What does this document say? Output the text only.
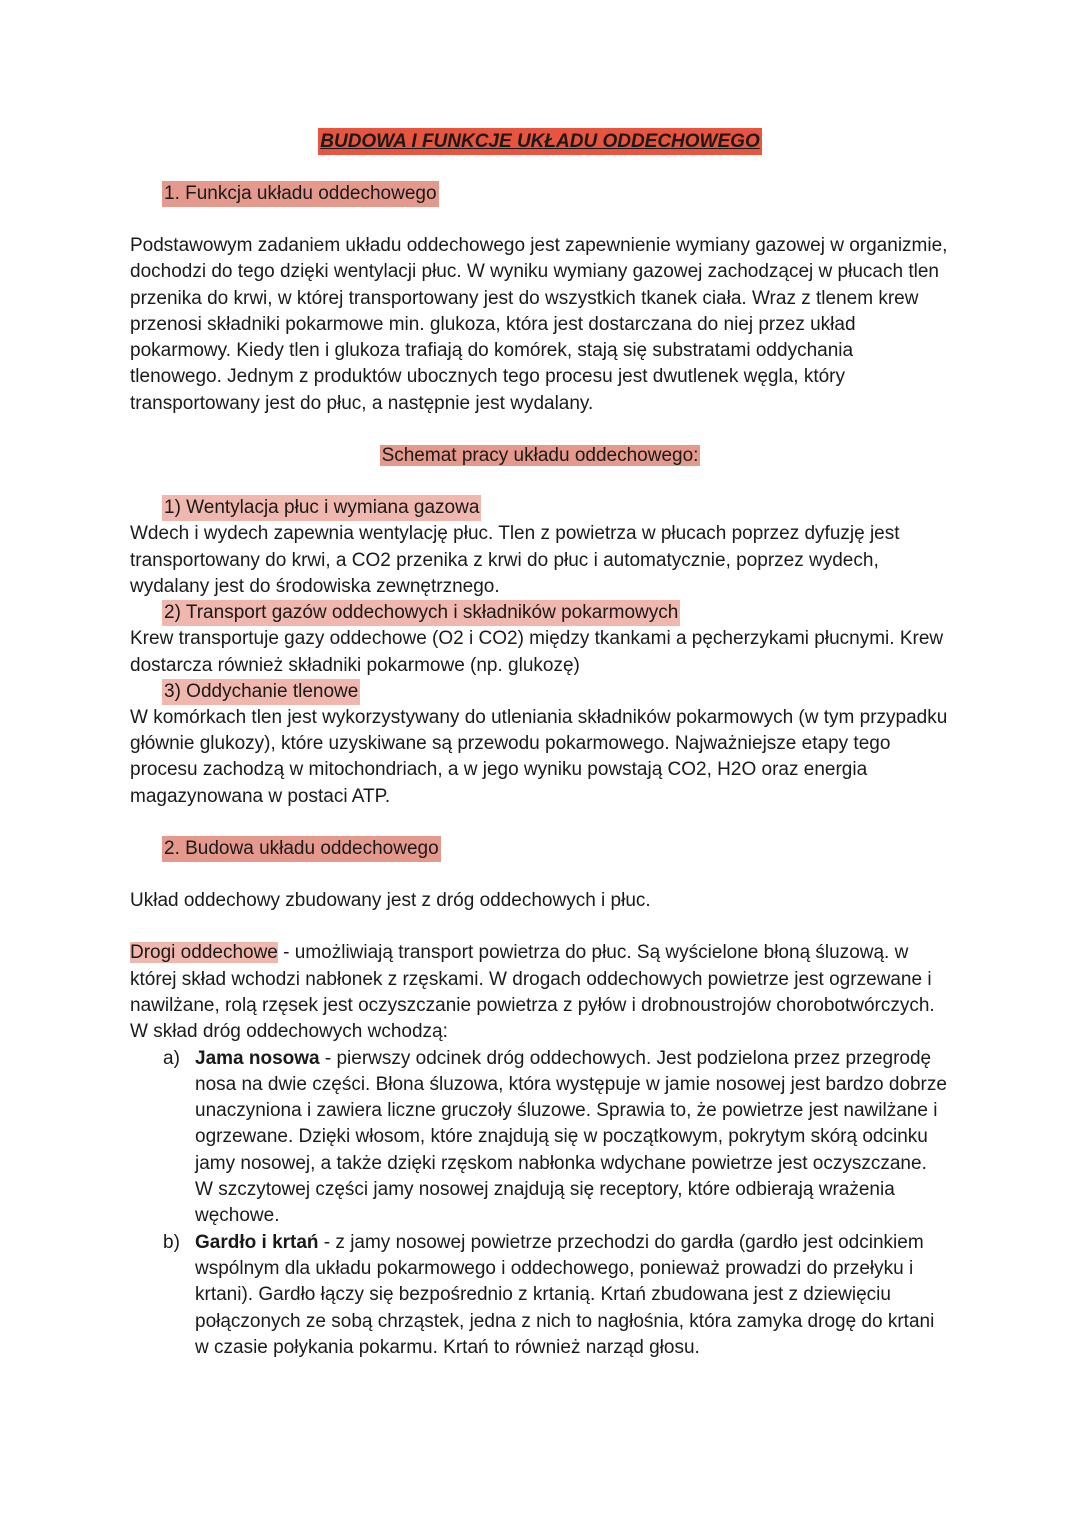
BUDOWA I FUNKCJE UKŁADU ODDECHOWEGO
1. Funkcja układu oddechowego

Podstawowym zadaniem układu oddechowego jest zapewnienie wymiany gazowej w organizmie, dochodzi do tego dzięki wentylacji płuc. W wyniku wymiany gazowej zachodzącej w płucach tlen przenika do krwi, w której transportowany jest do wszystkich tkanek ciała. Wraz z tlenem krew przenosi składniki pokarmowe min. glukoza, która jest dostarczana do niej przez układ pokarmowy. Kiedy tlen i glukoza trafiają do komórek, stają się substratami oddychania tlenowego. Jednym z produktów ubocznych tego procesu jest dwutlenek węgla, który transportowany jest do płuc, a następnie jest wydalany.

Schemat pracy układu oddechowego:

1) Wentylacja płuc i wymiana gazowa

Wdech i wydech zapewnia wentylację płuc. Tlen z powietrza w płucach poprzez dyfuzję jest transportowany do krwi, a CO2 przenika z krwi do płuc i automatycznie, poprzez wydech, wydalany jest do środowiska zewnętrznego.

2) Transport gazów oddechowych i składników pokarmowych

Krew transportuje gazy oddechowe (O2 i CO2) między tkankami a pęcherzykami płucnymi. Krew dostarcza również składniki pokarmowe (np. glukozę)

3) Oddychanie tlenowe

W komórkach tlen jest wykorzystywany do utleniania składników pokarmowych (w tym przypadku głównie glukozy), które uzyskiwane są przewodu pokarmowego. Najważniejsze etapy tego procesu zachodzą w mitochondriach, a w jego wyniku powstają CO2, H2O oraz energia magazynowana w postaci ATP.

2. Budowa układu oddechowego

Układ oddechowy zbudowany jest z dróg oddechowych i płuc.

Drogi oddechowe - umożliwiają transport powietrza do płuc. Są wyścielone błoną śluzową. w której skład wchodzi nabłonek z rzęskami. W drogach oddechowych powietrze jest ogrzewane i nawilżane, rolą rzęsek jest oczyszczanie powietrza z pyłów i drobnoustrojów chorobotwórczych. W skład dróg oddechowych wchodzą:

a) Jama nosowa - pierwszy odcinek dróg oddechowych. Jest podzielona przez przegrodę nosa na dwie części. Błona śluzowa, która występuje w jamie nosowej jest bardzo dobrze unaczyniona i zawiera liczne gruczoły śluzowe. Sprawia to, że powietrze jest nawilżane i ogrzewane. Dzięki włosom, które znajdują się w początkowym, pokrytym skórą odcinku jamy nosowej, a także dzięki rzęskom nabłonka wdychane powietrze jest oczyszczane. W szczytowej części jamy nosowej znajdują się receptory, które odbierają wrażenia węchowe.
b) Gardło i krtań - z jamy nosowej powietrze przechodzi do gardła (gardło jest odcinkiem wspólnym dla układu pokarmowego i oddechowego, ponieważ prowadzi do przełyku i krtani). Gardło łączy się bezpośrednio z krtanią. Krtań zbudowana jest z dziewięciu połączonych ze sobą chrząstek, jedna z nich to nagłośnia, która zamyka drogę do krtani w czasie połykania pokarmu. Krtań to również narząd głosu.
